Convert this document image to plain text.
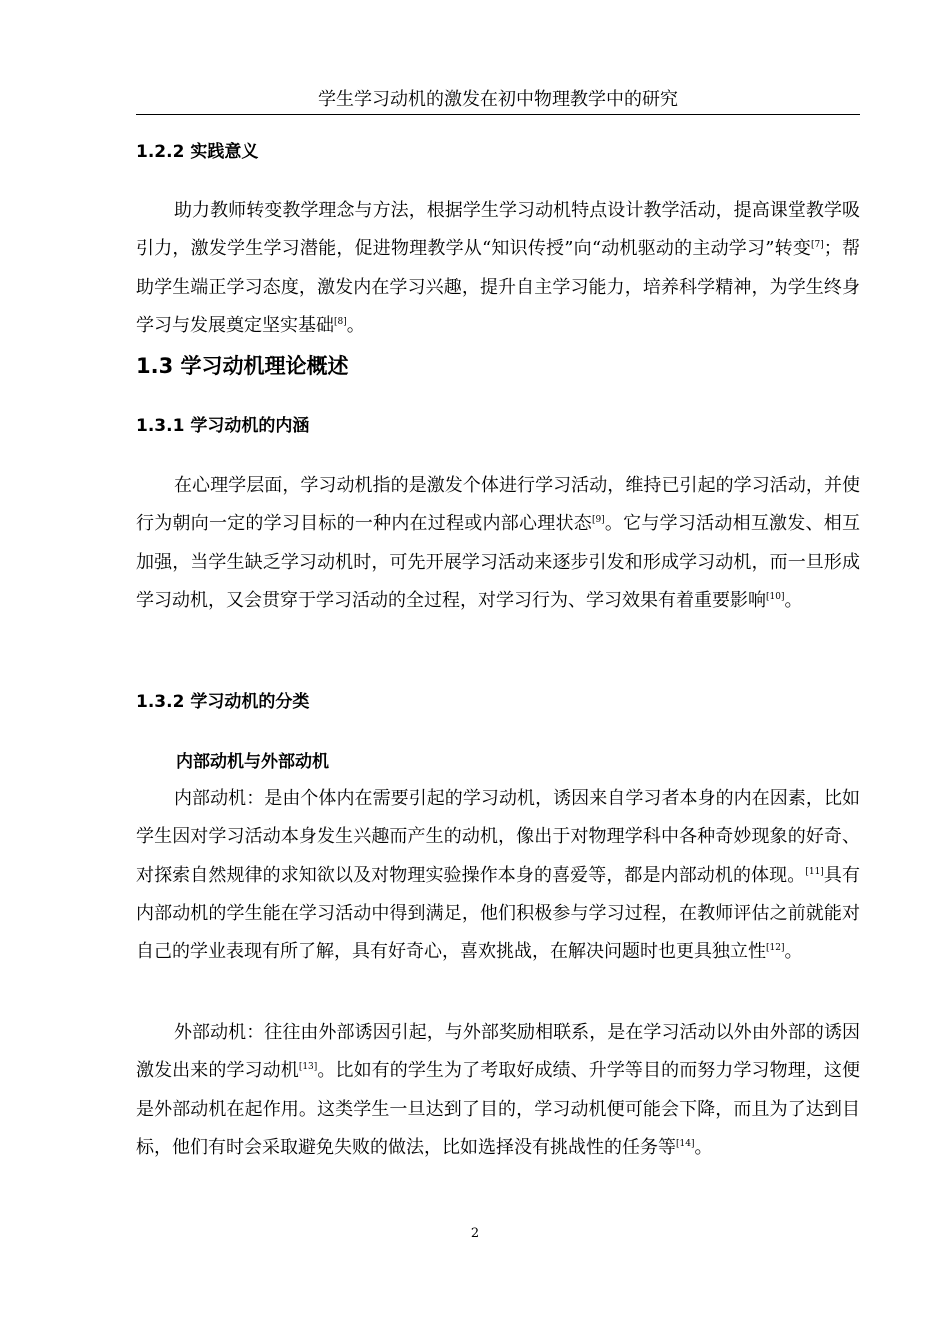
学生学习动机的激发在初中物理教学中的研究
1.2.2 实践意义

助力教师转变教学理念与方法，根据学生学习动机特点设计教学活动，提高课堂教学吸引力，激发学生学习潜能，促进物理教学从“知识传授”向“动机驱动的主动学习”转变[7]；帮助学生端正学习态度，激发内在学习兴趣，提升自主学习能力，培养科学精神，为学生终身学习与发展奠定坚实基础[8]。

1.3 学习动机理论概述
1.3.1 学习动机的内涵

在心理学层面，学习动机指的是激发个体进行学习活动，维持已引起的学习活动，并使行为朝向一定的学习目标的一种内在过程或内部心理状态[9]。它与学习活动相互激发、相互加强，当学生缺乏学习动机时，可先开展学习活动来逐步引发和形成学习动机，而一旦形成学习动机，又会贯穿于学习活动的全过程，对学习行为、学习效果有着重要影响[10]。

1.3.2 学习动机的分类
内部动机与外部动机

内部动机：是由个体内在需要引起的学习动机，诱因来自学习者本身的内在因素，比如学生因对学习活动本身发生兴趣而产生的动机，像出于对物理学科中各种奇妙现象的好奇、对探索自然规律的求知欲以及对物理实验操作本身的喜爱等，都是内部动机的体现。[11]具有内部动机的学生能在学习活动中得到满足，他们积极参与学习过程，在教师评估之前就能对自己的学业表现有所了解，具有好奇心，喜欢挑战，在解决问题时也更具独立性[12]。

外部动机：往往由外部诱因引起，与外部奖励相联系，是在学习活动以外由外部的诱因激发出来的学习动机[13]。比如有的学生为了考取好成绩、升学等目的而努力学习物理，这便是外部动机在起作用。这类学生一旦达到了目的，学习动机便可能会下降，而且为了达到目标，他们有时会采取避免失败的做法，比如选择没有挑战性的任务等[14]。

2
